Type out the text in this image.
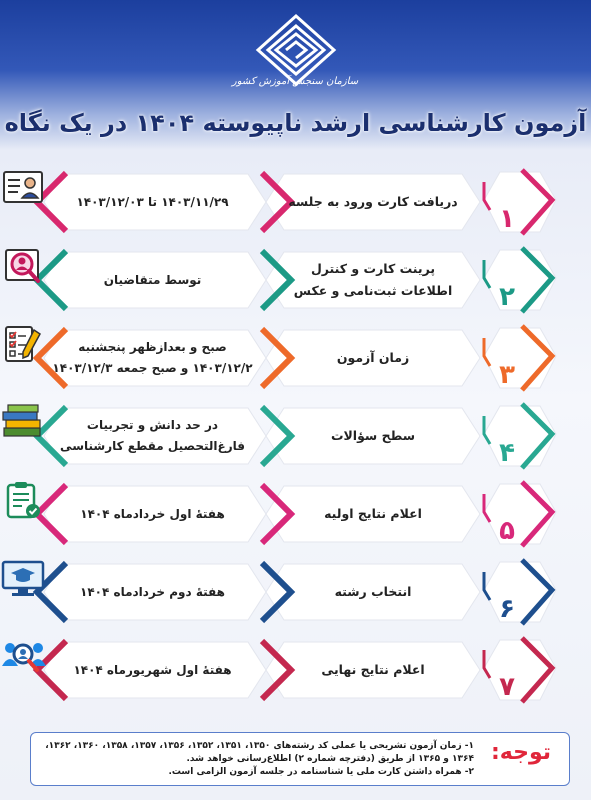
سازمان سنجش آموزش کشور
آزمون کارشناسی ارشد ناپیوسته ۱۴۰۴ در یک نگاه
۱
دریافت کارت ورود به جلسه
۱۴۰۳/۱۱/۲۹ تا ۱۴۰۳/۱۲/۰۳
۲
پرینت کارت و کنترل
اطلاعات ثبت‌نامی و عکس
توسط متقاضیان
۳
زمان آزمون
صبح و بعدازظهر پنجشنبه
۱۴۰۳/۱۲/۲ و صبح جمعه ۱۴۰۳/۱۲/۳
۴
سطح سؤالات
در حد دانش و تجربیات
فارغ‌التحصیل مقطع کارشناسی
۵
اعلام نتایج اولیه
هفتهٔ اول خردادماه ۱۴۰۴
۶
انتخاب رشته
هفتهٔ دوم خردادماه ۱۴۰۴
۷
اعلام نتایج نهایی
هفتهٔ اول شهریورماه ۱۴۰۴
توجه:
۱- زمان آزمون تشریحی یا عملی کد رشته‌های ۱۳۵۰، ۱۳۵۱، ۱۳۵۲، ۱۳۵۶، ۱۳۵۷، ۱۳۵۸، ۱۳۶۰، ۱۳۶۲،
۱۳۶۴ و ۱۳۶۵ از طریق (دفترچه شماره ۲) اطلاع‌رسانی خواهد شد.
۲- همراه داشتن کارت ملی یا شناسنامه در جلسه آزمون الزامی است.
